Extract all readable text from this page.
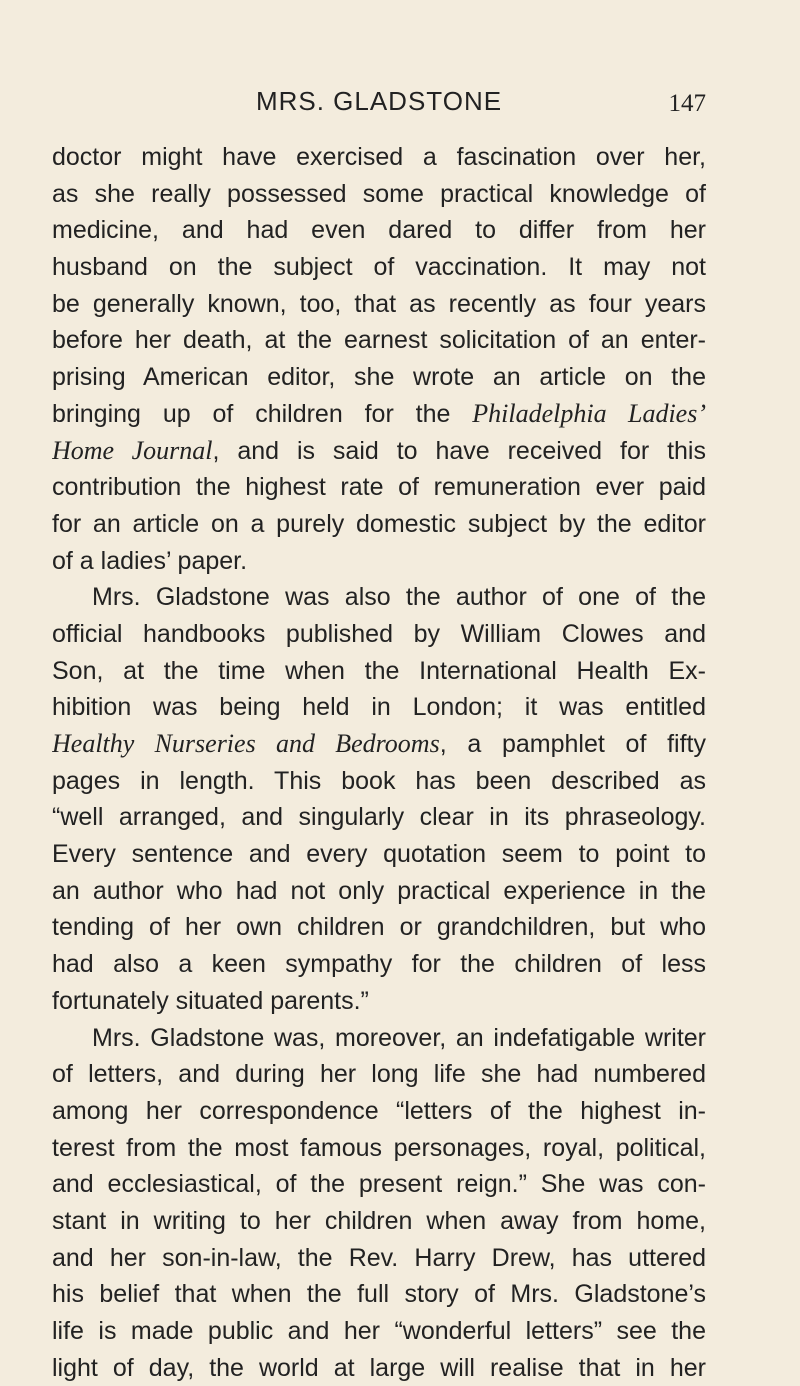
MRS. GLADSTONE	147
doctor might have exercised a fascination over her,
as she really possessed some practical knowledge of
medicine, and had even dared to differ from her
husband on the subject of vaccination. It may not
be generally known, too, that as recently as four years
before her death, at the earnest solicitation of an enter-
prising American editor, she wrote an article on the
bringing up of children for the Philadelphia Ladies’
Home Journal, and is said to have received for this
contribution the highest rate of remuneration ever paid
for an article on a purely domestic subject by the editor
of a ladies’ paper.
Mrs. Gladstone was also the author of one of the
official handbooks published by William Clowes and
Son, at the time when the International Health Ex-
hibition was being held in London; it was entitled
Healthy Nurseries and Bedrooms, a pamphlet of fifty
pages in length. This book has been described as
“well arranged, and singularly clear in its phraseology.
Every sentence and every quotation seem to point to
an author who had not only practical experience in the
tending of her own children or grandchildren, but who
had also a keen sympathy for the children of less
fortunately situated parents.”
Mrs. Gladstone was, moreover, an indefatigable writer
of letters, and during her long life she had numbered
among her correspondence “letters of the highest in-
terest from the most famous personages, royal, political,
and ecclesiastical, of the present reign.” She was con-
stant in writing to her children when away from home,
and her son-in-law, the Rev. Harry Drew, has uttered
his belief that when the full story of Mrs. Gladstone’s
life is made public and her “wonderful letters” see the
light of day, the world at large will realise that in her
